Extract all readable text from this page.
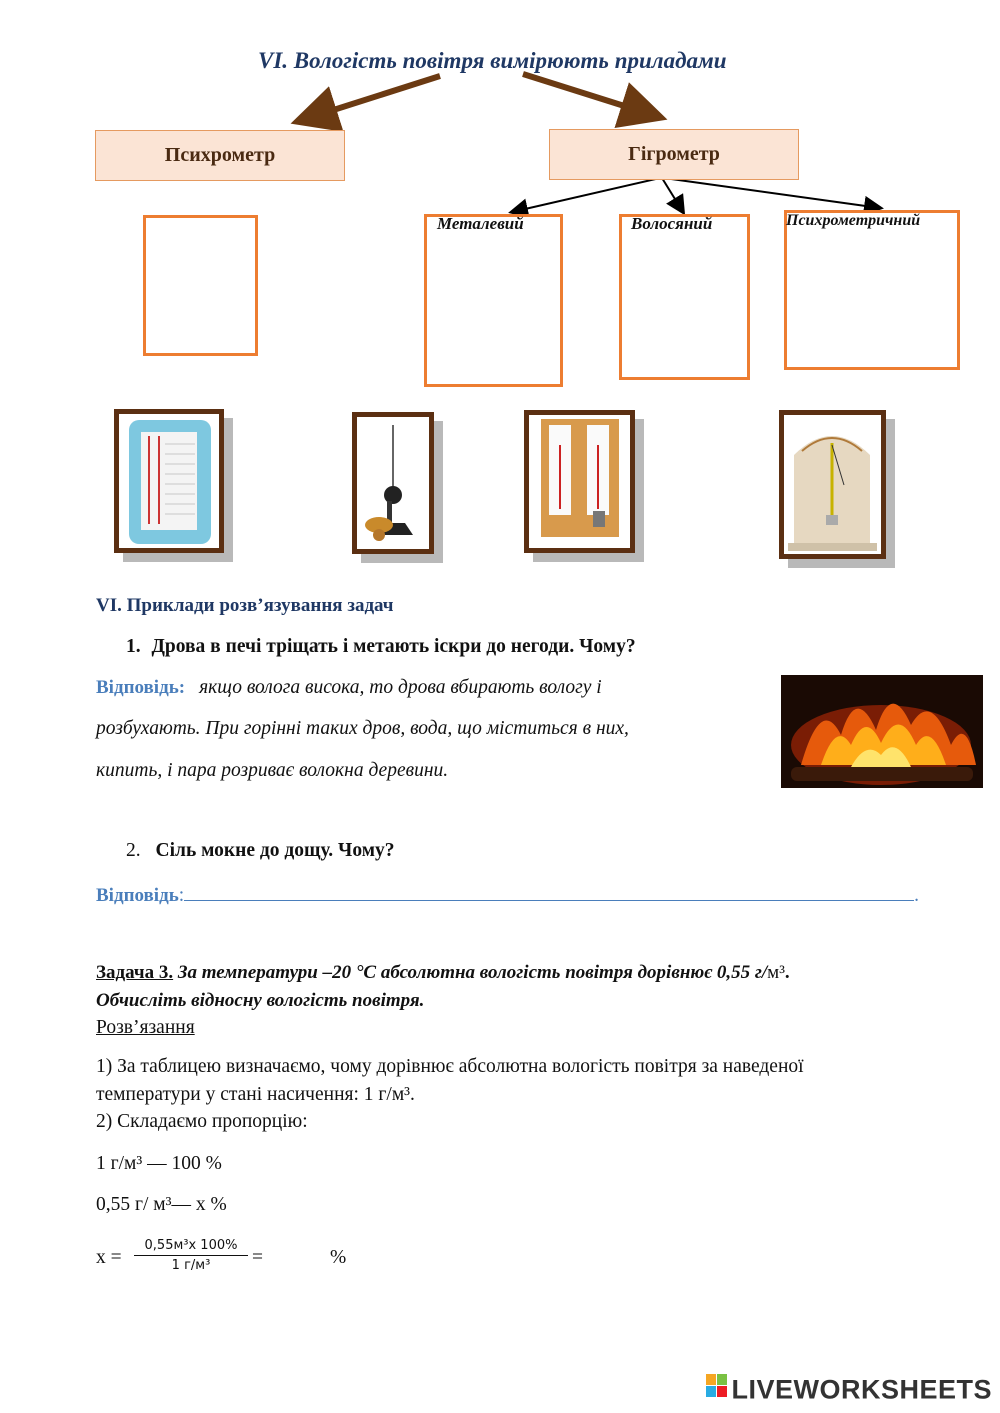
VI. Вологість повітря вимірюють приладами
Психрометр	Гігрометр
Металевий	Волосяний	Психрометричний
VI. Приклади розв’язування задач
1. Дрова в печі тріщать і метають іскри до негоди. Чому?
Відповідь: якщо волога висока, то дрова вбирають вологу і
розбухають. При горінні таких дров, вода, що міститься в них,
кипить, і пара розриває волокна деревини.
2. Сіль мокне до дощу. Чому?
Відповідь:	.
Задача 3. За температури –20 °С абсолютна вологість повітря дорівнює 0,55 г/м³.
Обчисліть відносну вологість повітря.
Розв’язання
1) За таблицею визначаємо, чому дорівнює абсолютна вологість повітря за наведеної
температури у стані насичення: 1 г/м³.
2) Складаємо пропорцію:
1 г/м³ — 100 %
0,55 г/ м³— х %
х =
0,55м³х 100%
1 г/м³	=	%
LIVEWORKSHEETS
